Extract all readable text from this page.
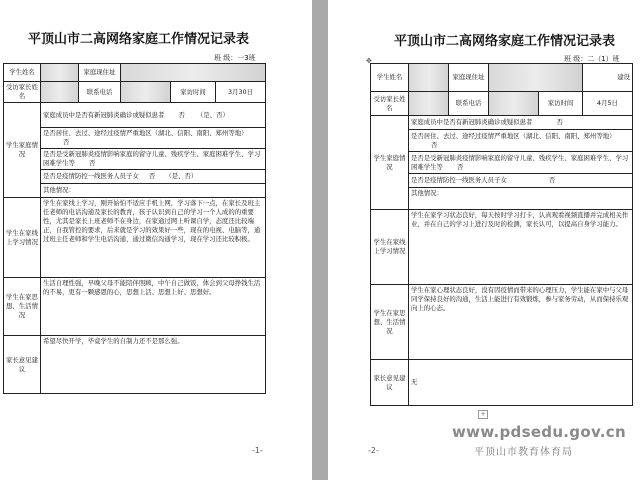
平顶山市二高网络家庭工作情况记录表
班 级：一3班
学生姓名		家庭现住址			
受访家长姓名		联系电话		家访时间	3月30日
学生家庭情况	家庭成员中是否有新冠肺炎确诊或疑似患者 否 （是、否）				
	是否居住、去过、途经过疫情严重地区（湖北、信阳、南阳、郑州等地） 否				
	是否是受新冠肺炎疫情影响家庭的留守儿童、残疾学生、家庭困难学生、学习困难学生等 否				
	是否是疫情防控一线医务人员子女 否 （是、否）				
	其他情况：				
学生在家线上学习情况	学生在家线上学习，刚开始怕不适应手机上网，学习落下一点，在家长及班主任老师的电话沟通及家长的教育，孩子认识到自己的学习一个人成的的重要性，尤其是家长上班老师不在身边，在家通过网上听课自学，态度还比较端正，自我管控的要求，后来就是学习的效果好一些，现在的电视、电脑等，通过班主任老师和学生电话沟通，通过微信沟通学习，现在学习还比较积极。				
学生在家思想、生活情况	生活自理性强，早晚父母不能陪伴照顾，中午自己做饭，体会到父母挣钱生活的不易，更有一颗感恩的心，思想上活、思想上好、思想好。				
家长意见建议	希望尽快开学，毕竟学生的自制力还不是那么强。				
-1-
平顶山市二高网络家庭工作情况记录表
班 级：二（1）班
学生姓名		家庭现住址			建设
受访家长姓名		联系电话		家访时间	4月5日
学生家庭情况	家庭成员中是否有新冠肺炎确诊或疑似患者 否				
	是否居住、去过、途经过疫情严重地区（湖北、信阳、南阳、郑州等地） 否				
	是否是受新冠肺炎疫情影响家庭的留守儿童、残疾学生、家庭困难学生、学习困难学生等 否				
	是否是疫情防控一线医务人员子女 否				
	其他情况：				
学生在家线上学习情况	学生在家学习状态良好，每天按时学习打卡，认真观看视频直播并完成相关作业，并在自己的学习上进行及时的检测，家长认可，以提高自身学习能力。				
学生在家思想、生活情况	学生在家心理状态良好，没有因疫情而带来的心理压力，学生能在家中与父母同学保持良好的沟通，生活上能进行有效锻炼，参与家务劳动，从而保持乐观向上的心态。				
家长意见建议	无				
-2-
✥
+
www.pdsedu.gov.cn
平顶山市教育体育局
